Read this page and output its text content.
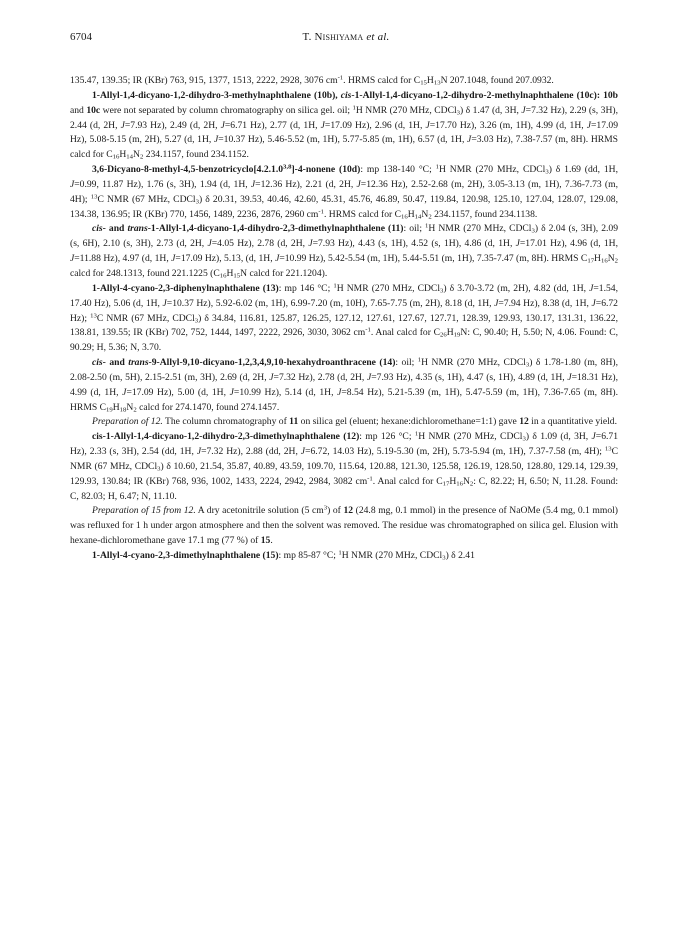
6704	T. Nishiyama et al.

135.47, 139.35; IR (KBr) 763, 915, 1377, 1513, 2222, 2928, 3076 $cm^{-1}$. HRMS calcd for $C_{15}H_{13}N$ 207.1048, found 207.0932.

1-Allyl-1,4-dicyano-1,2-dihydro-3-methylnaphthalene (10b), cis-1-Allyl-1,4-dicyano-1,2-dihydro-2-methylnaphthalene (10c): 10b and 10c were not separated by column chromatography on silica gel. oil; $^1$H NMR (270 MHz, CDCl$_3$) δ 1.47 (d, 3H, J=7.32 Hz), 2.29 (s, 3H), 2.44 (d, 2H, J=7.93 Hz), 2.49 (d, 2H, J=6.71 Hz), 2.77 (d, 1H, J=17.09 Hz), 2.96 (d, 1H, J=17.70 Hz), 3.26 (m, 1H), 4.99 (d, 1H, J=17.09 Hz), 5.08-5.15 (m, 2H), 5.27 (d, 1H, J=10.37 Hz), 5.46-5.52 (m, 1H), 5.77-5.85 (m, 1H), 6.57 (d, 1H, J=3.03 Hz), 7.38-7.57 (m, 8H). HRMS calcd for $C_{16}H_{14}N_2$ 234.1157, found 234.1152.

3,6-Dicyano-8-methyl-4,5-benzotricyclo[4.2.1.0$^{3,8}$]-4-nonene (10d): mp 138-140 °C; $^1$H NMR (270 MHz, CDCl$_3$) δ 1.69 (dd, 1H, J=0.99, 11.87 Hz), 1.76 (s, 3H), 1.94 (d, 1H, J=12.36 Hz), 2.21 (d, 2H, J=12.36 Hz), 2.52-2.68 (m, 2H), 3.05-3.13 (m, 1H), 7.36-7.73 (m, 4H); $^{13}$C NMR (67 MHz, CDCl$_3$) δ 20.31, 39.53, 40.46, 42.60, 45.31, 45.76, 46.89, 50.47, 119.84, 120.98, 125.10, 127.04, 128.07, 129.08, 134.38, 136.95; IR (KBr) 770, 1456, 1489, 2236, 2876, 2960 $cm^{-1}$. HRMS calcd for $C_{16}H_{14}N_2$ 234.1157, found 234.1138.

cis- and trans-1-Allyl-1,4-dicyano-1,4-dihydro-2,3-dimethylnaphthalene (11): oil; $^1$H NMR (270 MHz, CDCl$_3$) δ 2.04 (s, 3H), 2.09 (s, 6H), 2.10 (s, 3H), 2.73 (d, 2H, J=4.05 Hz), 2.78 (d, 2H, J=7.93 Hz), 4.43 (s, 1H), 4.52 (s, 1H), 4.86 (d, 1H, J=17.01 Hz), 4.96 (d, 1H, J=11.88 Hz), 4.97 (d, 1H, J=17.09 Hz), 5.13, (d, 1H, J=10.99 Hz), 5.42-5.54 (m, 1H), 5.44-5.51 (m, 1H), 7.35-7.47 (m, 8H). HRMS $C_{17}H_{16}N_2$ calcd for 248.1313, found 221.1225 ($C_{16}H_{15}N$ calcd for 221.1204).

1-Allyl-4-cyano-2,3-diphenylnaphthalene (13): mp 146 °C; $^1$H NMR (270 MHz, CDCl$_3$) δ 3.70-3.72 (m, 2H), 4.82 (dd, 1H, J=1.54, 17.40 Hz), 5.06 (d, 1H, J=10.37 Hz), 5.92-6.02 (m, 1H), 6.99-7.20 (m, 10H), 7.65-7.75 (m, 2H), 8.18 (d, 1H, J=7.94 Hz), 8.38 (d, 1H, J=6.72 Hz); $^{13}$C NMR (67 MHz, CDCl$_3$) δ 34.84, 116.81, 125.87, 126.25, 127.12, 127.61, 127.67, 127.71, 128.39, 129.93, 130.17, 131.31, 136.22, 138.81, 139.55; IR (KBr) 702, 752, 1444, 1497, 2222, 2926, 3030, 3062 $cm^{-1}$. Anal calcd for $C_{26}H_{19}N$: C, 90.40; H, 5.50; N, 4.06. Found: C, 90.29; H, 5.36; N, 3.70.

cis- and trans-9-Allyl-9,10-dicyano-1,2,3,4,9,10-hexahydroanthracene (14): oil; $^1$H NMR (270 MHz, CDCl$_3$) δ 1.78-1.80 (m, 8H), 2.08-2.50 (m, 5H), 2.15-2.51 (m, 3H), 2.69 (d, 2H, J=7.32 Hz), 2.78 (d, 2H, J=7.93 Hz), 4.35 (s, 1H), 4.47 (s, 1H), 4.89 (d, 1H, J=18.31 Hz), 4.99 (d, 1H, J=17.09 Hz), 5.00 (d, 1H, J=10.99 Hz), 5.14 (d, 1H, J=8.54 Hz), 5.21-5.39 (m, 1H), 5.47-5.59 (m, 1H), 7.36-7.65 (m, 8H). HRMS $C_{19}H_{18}N_2$ calcd for 274.1470, found 274.1457.

Preparation of 12. The column chromatography of 11 on silica gel (eluent; hexane:dichloromethane=1:1) gave 12 in a quantitative yield.

cis-1-Allyl-1,4-dicyano-1,2-dihydro-2,3-dimethylnaphthalene (12): mp 126 °C; $^1$H NMR (270 MHz, CDCl$_3$) δ 1.09 (d, 3H, J=6.71 Hz), 2.33 (s, 3H), 2.54 (dd, 1H, J=7.32 Hz), 2.88 (dd, 2H, J=6.72, 14.03 Hz), 5.19-5.30 (m, 2H), 5.73-5.94 (m, 1H), 7.37-7.58 (m, 4H); $^{13}$C NMR (67 MHz, CDCl$_3$) δ 10.60, 21.54, 35.87, 40.89, 43.59, 109.70, 115.64, 120.88, 121.30, 125.58, 126.19, 128.50, 128.80, 129.14, 129.39, 129.93, 130.84; IR (KBr) 768, 936, 1002, 1433, 2224, 2942, 2984, 3082 $cm^{-1}$. Anal calcd for $C_{17}H_{16}N_2$: C, 82.22; H, 6.50; N, 11.28. Found: C, 82.03; H, 6.47; N, 11.10.

Preparation of 15 from 12. A dry acetonitrile solution (5 $cm^3$) of 12 (24.8 mg, 0.1 mmol) in the presence of NaOMe (5.4 mg, 0.1 mmol) was refluxed for 1 h under argon atmosphere and then the solvent was removed. The residue was chromatographed on silica gel. Elusion with hexane-dichloromethane gave 17.1 mg (77 %) of 15.

1-Allyl-4-cyano-2,3-dimethylnaphthalene (15): mp 85-87 °C; $^1$H NMR (270 MHz, CDCl$_3$) δ 2.41
